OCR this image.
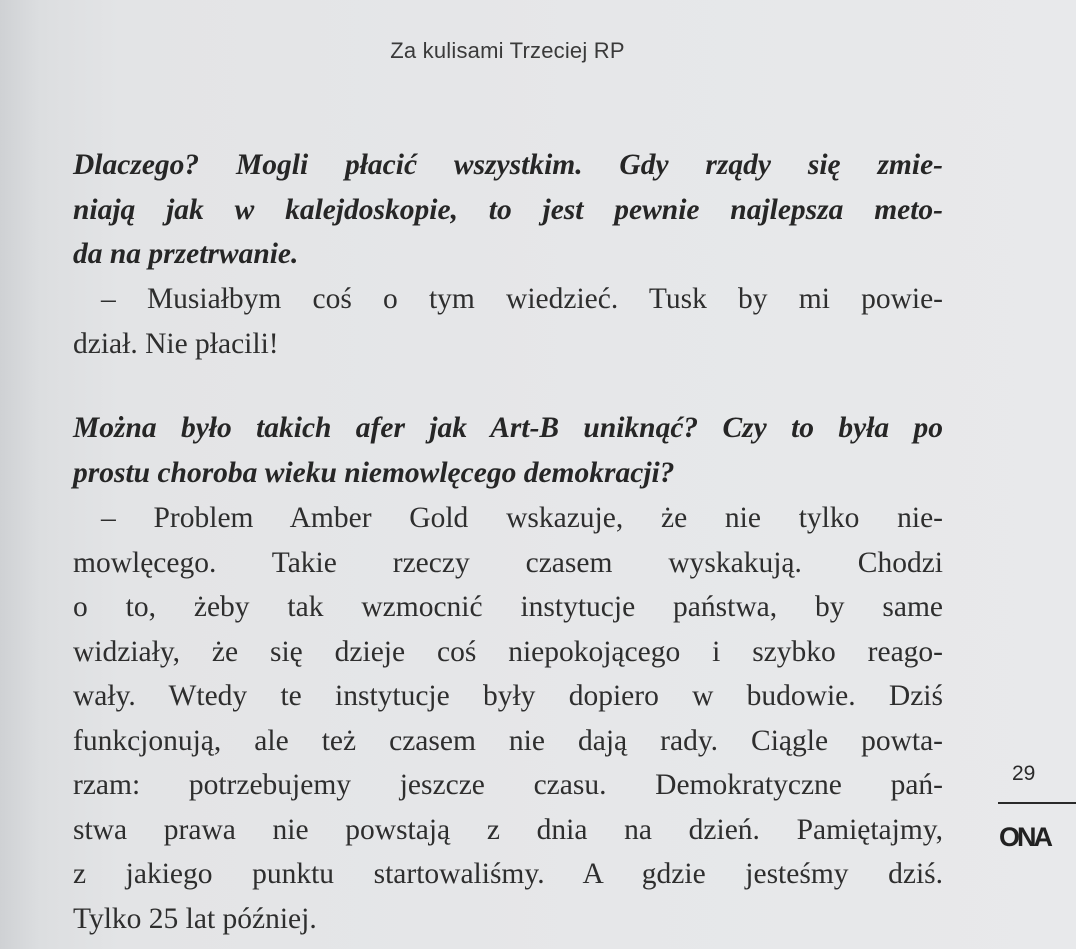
Za kulisami Trzeciej RP
Dlaczego? Mogli płacić wszystkim. Gdy rządy się zmie-
niają jak w kalejdoskopie, to jest pewnie najlepsza meto-
da na przetrwanie.
– Musiałbym coś o tym wiedzieć. Tusk by mi powie-
dział. Nie płacili!
Można było takich afer jak Art-B uniknąć? Czy to była po
prostu choroba wieku niemowlęcego demokracji?
– Problem Amber Gold wskazuje, że nie tylko nie-
mowlęcego. Takie rzeczy czasem wyskakują. Chodzi
o to, żeby tak wzmocnić instytucje państwa, by same
widziały, że się dzieje coś niepokojącego i szybko reago-
wały. Wtedy te instytucje były dopiero w budowie. Dziś
funkcjonują, ale też czasem nie dają rady. Ciągle powta-
rzam: potrzebujemy jeszcze czasu. Demokratyczne pań-
stwa prawa nie powstają z dnia na dzień. Pamiętajmy,
z jakiego punktu startowaliśmy. A gdzie jesteśmy dziś.
Tylko 25 lat później.
29
ONA
